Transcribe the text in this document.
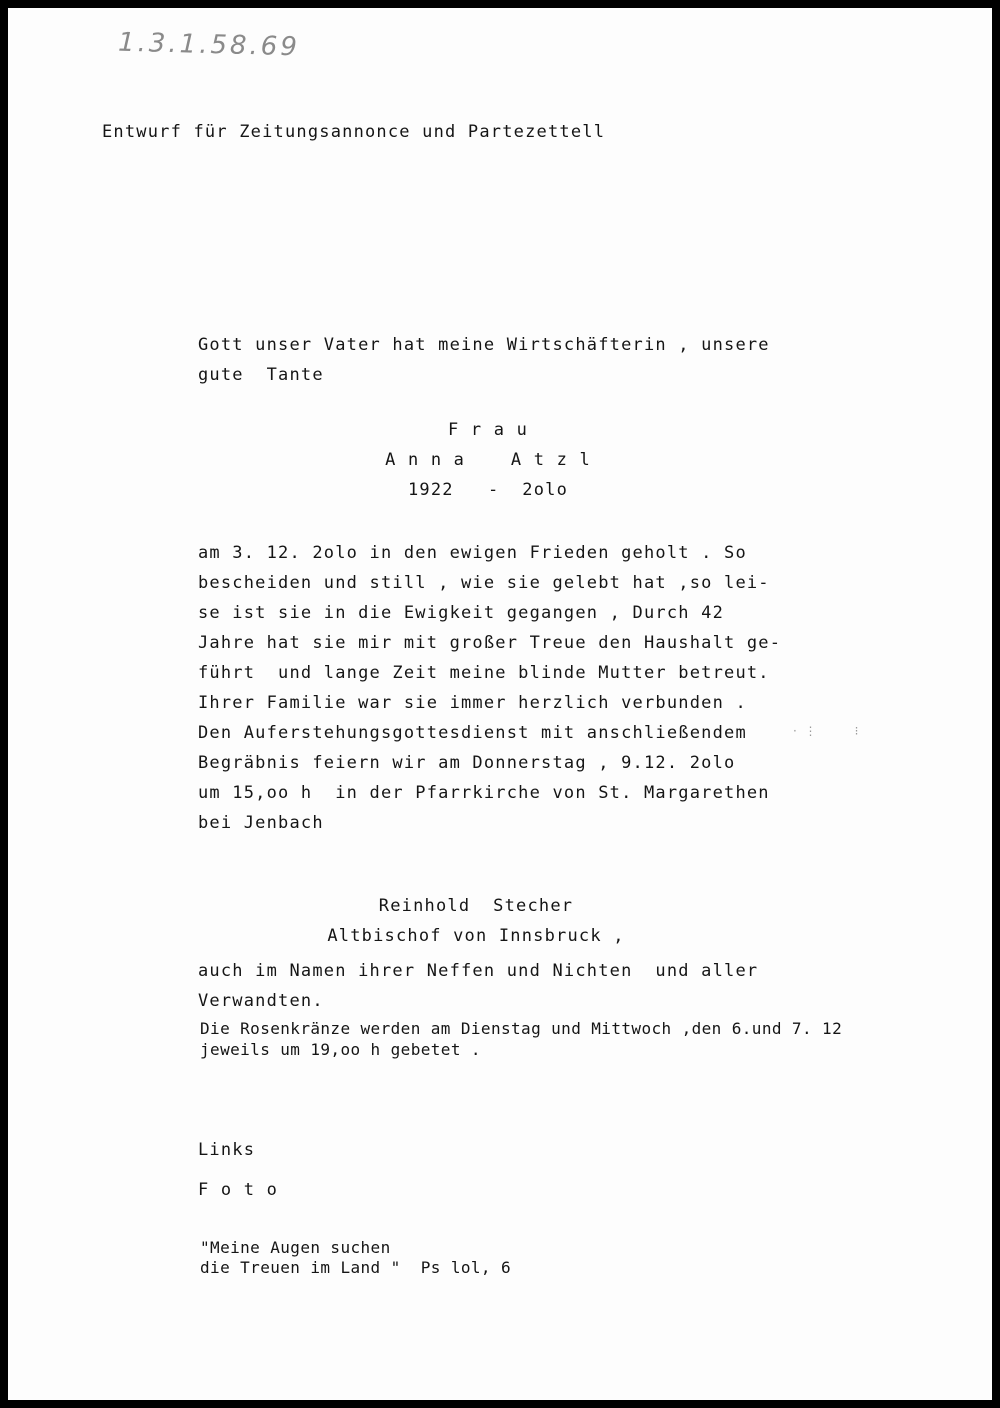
1.3.1.58.69
Entwurf für Zeitungsannonce und Partezettell
Gott unser Vater hat meine Wirtschäfterin , unsere
gute  Tante
F r a u
A n n a    A t z l
1922   -  2olo
am 3. 12. 2olo in den ewigen Frieden geholt . So
bescheiden und still , wie sie gelebt hat ,so lei-
se ist sie in die Ewigkeit gegangen , Durch 42
Jahre hat sie mir mit großer Treue den Haushalt ge-
führt  und lange Zeit meine blinde Mutter betreut.
Ihrer Familie war sie immer herzlich verbunden .
Den Auferstehungsgottesdienst mit anschließendem
Begräbnis feiern wir am Donnerstag , 9.12. 2olo
um 15,oo h  in der Pfarrkirche von St. Margarethen
bei Jenbach
·  ⋮          ⁝
Reinhold  Stecher
Altbischof von Innsbruck ,
auch im Namen ihrer Neffen und Nichten  und aller
Verwandten.
Die Rosenkränze werden am Dienstag und Mittwoch ,den 6.und 7. 12
jeweils um 19,oo h gebetet .
Links
F o t o
"Meine Augen suchen
die Treuen im Land "  Ps lol, 6
